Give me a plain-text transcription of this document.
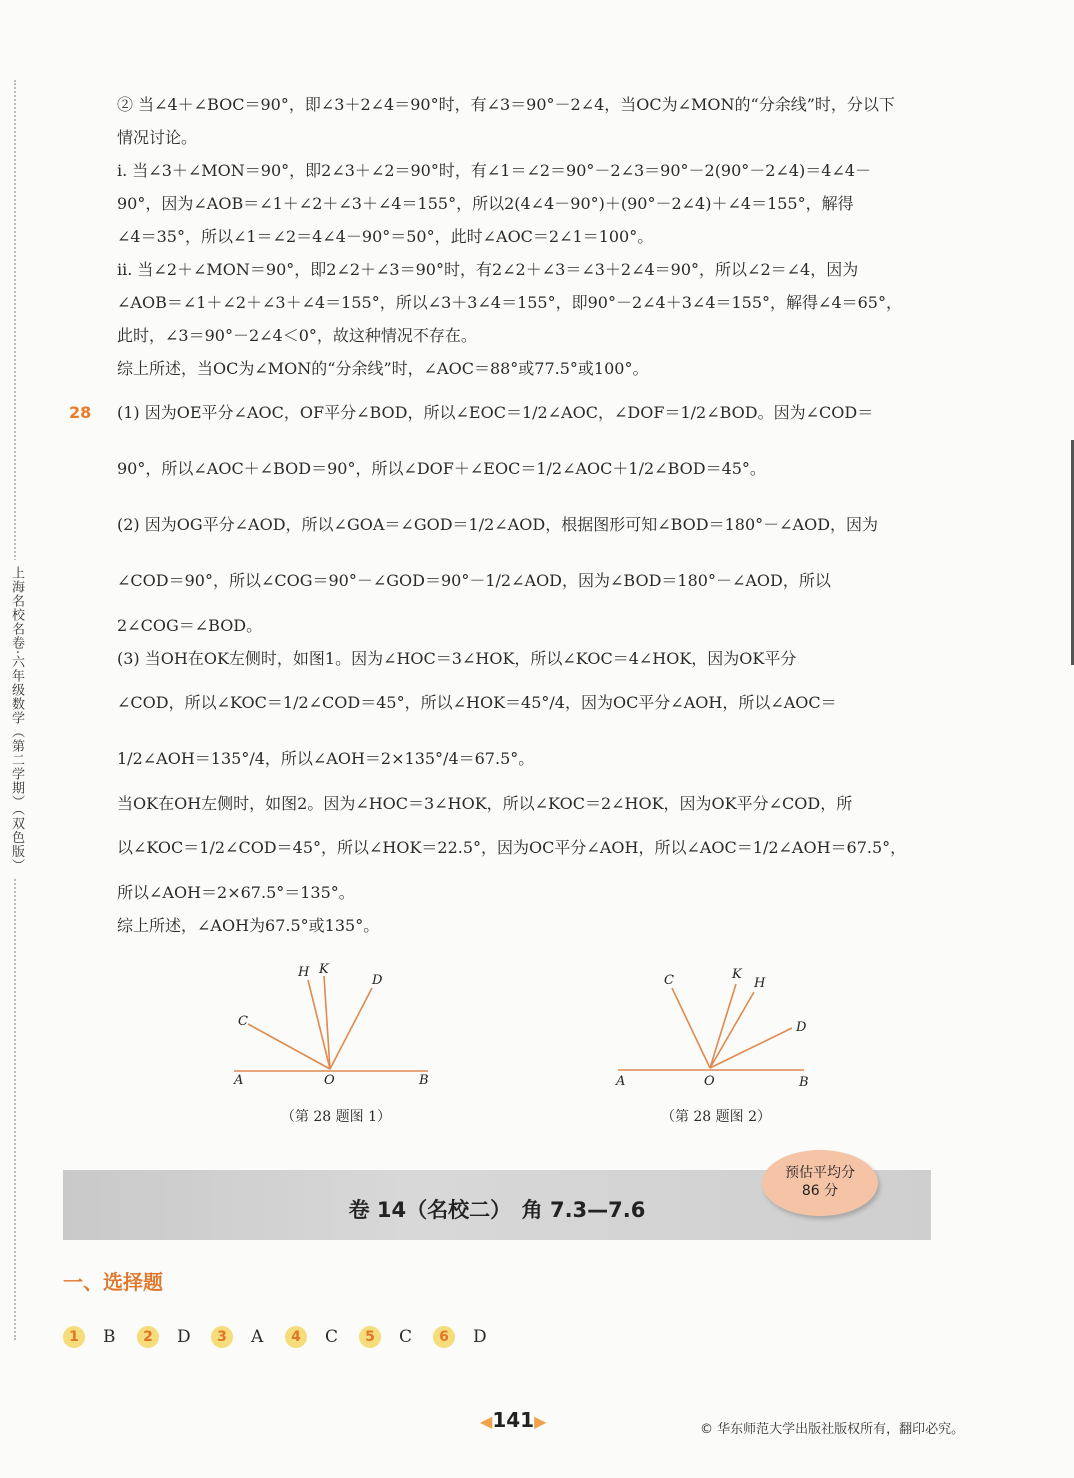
上海名校名卷·六年级数学（第二学期）（双色版）
② 当∠4＋∠BOC＝90°，即∠3＋2∠4＝90°时，有∠3＝90°－2∠4，当OC为∠MON的“分余线”时，分以下
情况讨论。
i. 当∠3＋∠MON＝90°，即2∠3＋∠2＝90°时，有∠1＝∠2＝90°－2∠3＝90°－2(90°－2∠4)＝4∠4－
90°，因为∠AOB＝∠1＋∠2＋∠3＋∠4＝155°，所以2(4∠4－90°)＋(90°－2∠4)＋∠4＝155°，解得
∠4＝35°，所以∠1＝∠2＝4∠4－90°＝50°，此时∠AOC＝2∠1＝100°。
ii. 当∠2＋∠MON＝90°，即2∠2＋∠3＝90°时，有2∠2＋∠3＝∠3＋2∠4＝90°，所以∠2＝∠4，因为
∠AOB＝∠1＋∠2＋∠3＋∠4＝155°，所以∠3＋3∠4＝155°，即90°－2∠4＋3∠4＝155°，解得∠4＝65°，
此时，∠3＝90°－2∠4＜0°，故这种情况不存在。
综上所述，当OC为∠MON的“分余线”时，∠AOC＝88°或77.5°或100°。
28 (1) 因为OE平分∠AOC，OF平分∠BOD，所以∠EOC＝1/2∠AOC，∠DOF＝1/2∠BOD。因为∠COD＝
90°，所以∠AOC＋∠BOD＝90°，所以∠DOF＋∠EOC＝1/2∠AOC＋1/2∠BOD＝45°。
(2) 因为OG平分∠AOD，所以∠GOA＝∠GOD＝1/2∠AOD，根据图形可知∠BOD＝180°－∠AOD，因为
∠COD＝90°，所以∠COG＝90°－∠GOD＝90°－1/2∠AOD，因为∠BOD＝180°－∠AOD，所以
2∠COG＝∠BOD。
(3) 当OH在OK左侧时，如图1。因为∠HOC＝3∠HOK，所以∠KOC＝4∠HOK，因为OK平分
∠COD，所以∠KOC＝1/2∠COD＝45°，所以∠HOK＝45°/4，因为OC平分∠AOH，所以∠AOC＝
1/2∠AOH＝135°/4，所以∠AOH＝2×135°/4＝67.5°。
当OK在OH左侧时，如图2。因为∠HOC＝3∠HOK，所以∠KOC＝2∠HOK，因为OK平分∠COD，所
以∠KOC＝1/2∠COD＝45°，所以∠HOK＝22.5°，因为OC平分∠AOH，所以∠AOC＝1/2∠AOH＝67.5°，
所以∠AOH＝2×67.5°＝135°。
综上所述，∠AOH为67.5°或135°。
H K
D
C
A	O	B
（第 28 题图 1）
C	K
H
D
A	O	B
（第 28 题图 2）
卷 14（名校二）　角 7.3—7.6
预估平均分
86 分
一、选择题
1	B	2	D	3	A	4	C	5	C	6	D
◀141▶	© 华东师范大学出版社版权所有，翻印必究。
